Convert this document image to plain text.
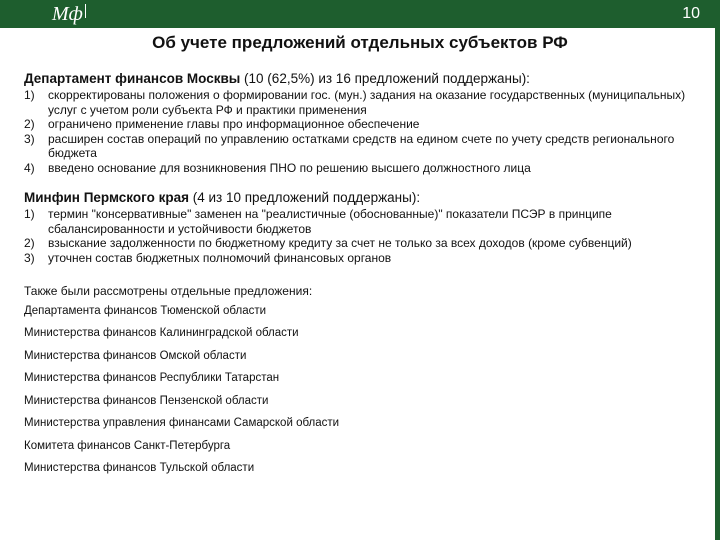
Мф	10
Об учете предложений отдельных субъектов РФ
Департамент финансов Москвы (10 (62,5%) из 16 предложений поддержаны):
1)	скорректированы положения о формировании гос. (мун.) задания на оказание государственных (муниципальных) услуг с учетом роли субъекта РФ и практики применения
2)	ограничено применение главы про информационное обеспечение
3)	расширен состав операций по управлению остатками средств на едином счете по учету средств регионального бюджета
4)	введено основание для возникновения ПНО по решению высшего должностного лица
Минфин Пермского края (4 из 10 предложений поддержаны):
1)	термин "консервативные" заменен на "реалистичные (обоснованные)" показатели ПСЭР в принципе сбалансированности и устойчивости бюджетов
2)	взыскание задолженности по бюджетному кредиту за счет не только за всех доходов (кроме субвенций)
3)	уточнен состав бюджетных полномочий финансовых органов
Также были рассмотрены отдельные предложения:
Департамента финансов Тюменской области
Министерства финансов Калининградской области
Министерства финансов Омской области
Министерства финансов Республики Татарстан
Министерства финансов Пензенской области
Министерства управления финансами Самарской области
Комитета финансов Санкт-Петербурга
Министерства финансов Тульской области
